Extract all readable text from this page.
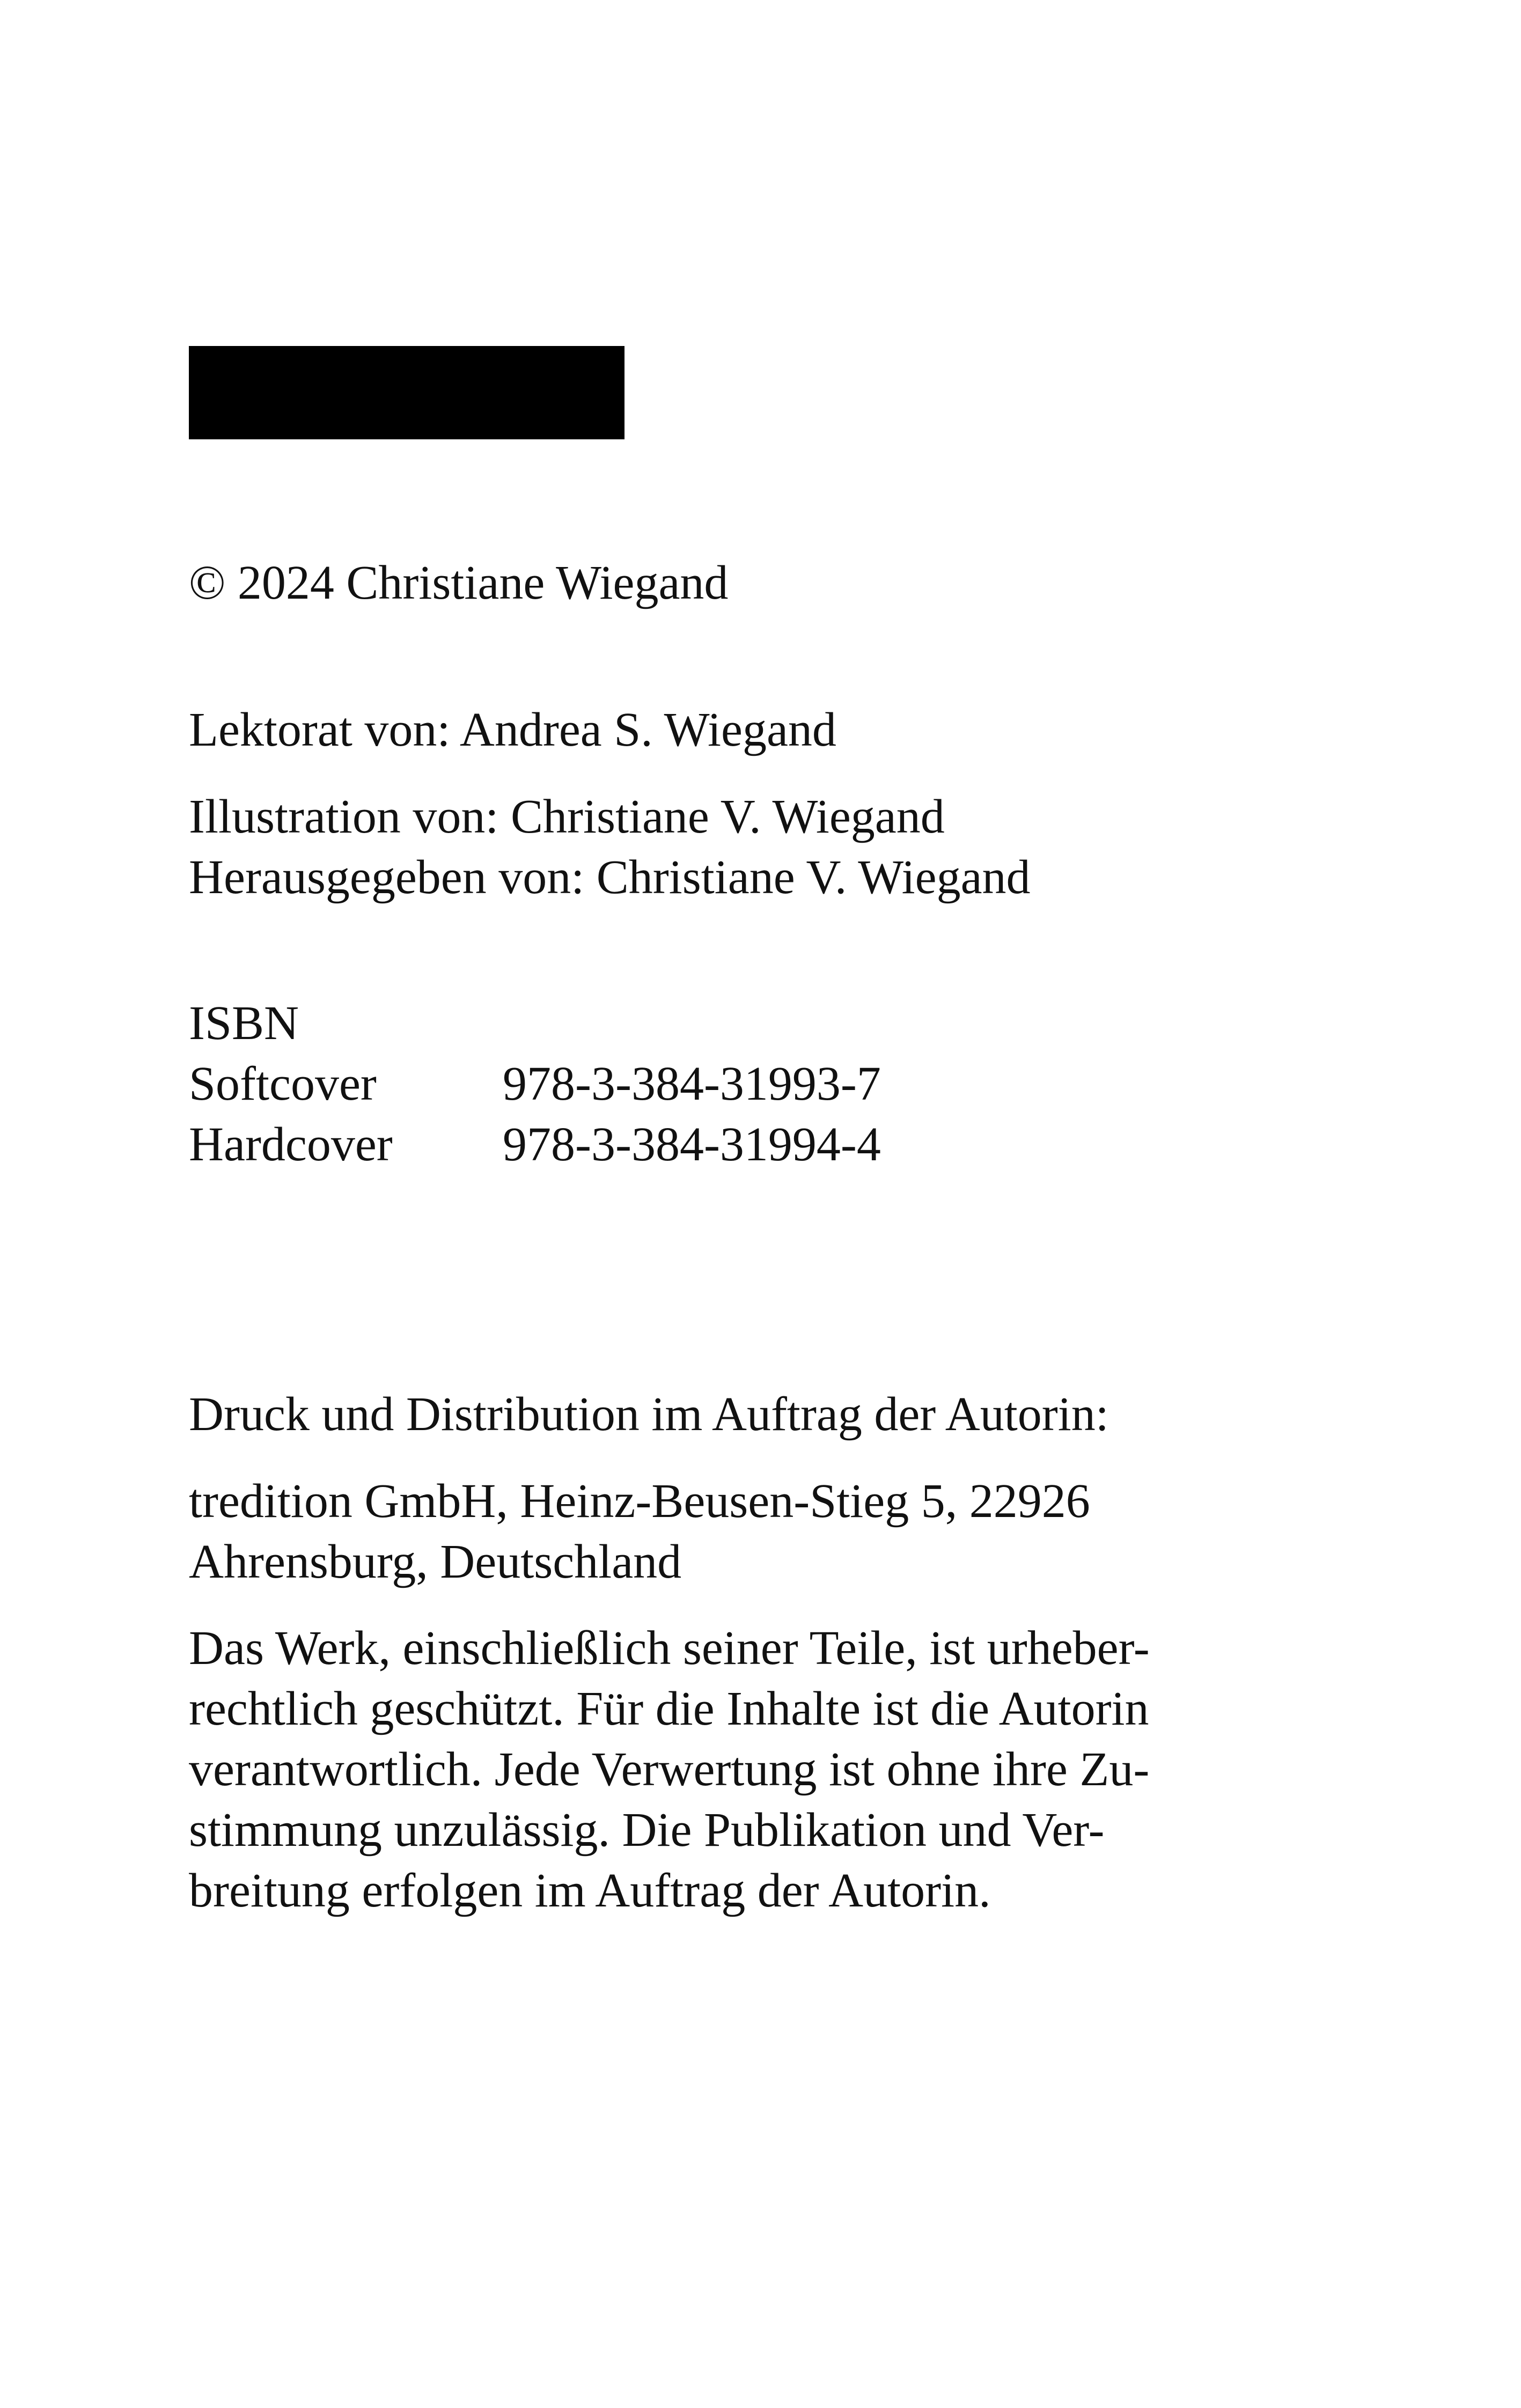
© 2024 Christiane Wiegand
Lektorat von: Andrea S. Wiegand
Illustration von: Christiane V. Wiegand
Herausgegeben von: Christiane V. Wiegand
ISBN
Softcover	978-3-384-31993-7
Hardcover 978-3-384-31994-4
Druck und Distribution im Auftrag der Autorin:
tredition GmbH, Heinz-Beusen-Stieg 5, 22926
Ahrensburg, Deutschland
Das Werk, einschließlich seiner Teile, ist urheber-
rechtlich geschützt. Für die Inhalte ist die Autorin
verantwortlich. Jede Verwertung ist ohne ihre Zu-
stimmung unzulässig. Die Publikation und Ver-
breitung erfolgen im Auftrag der Autorin.
